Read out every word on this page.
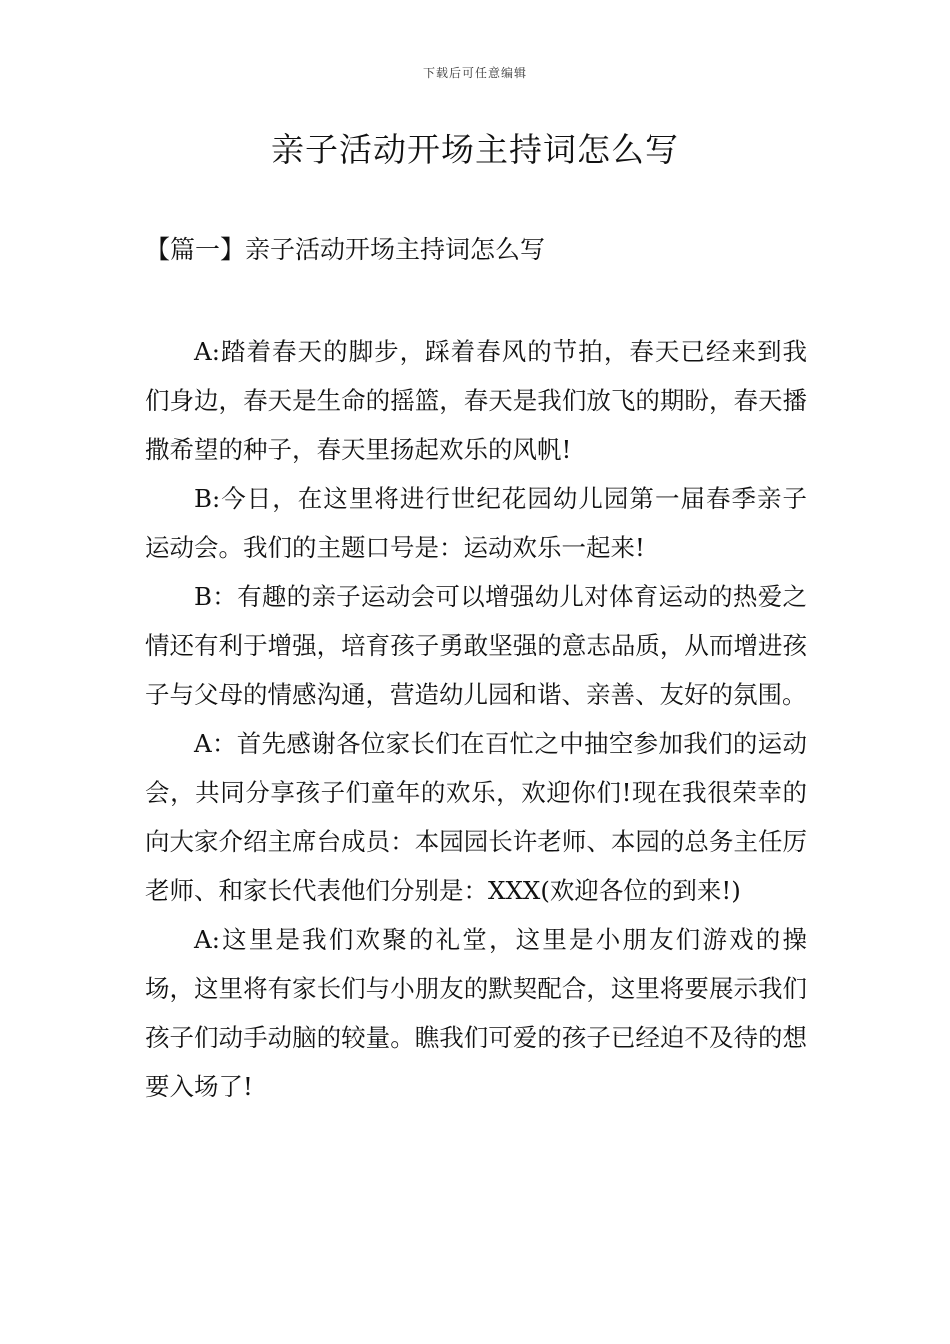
下载后可任意编辑
亲子活动开场主持词怎么写
【篇一】亲子活动开场主持词怎么写

A:踏着春天的脚步，踩着春风的节拍，春天已经来到我们身边，春天是生命的摇篮，春天是我们放飞的期盼，春天播撒希望的种子，春天里扬起欢乐的风帆!

B:今日，在这里将进行世纪花园幼儿园第一届春季亲子运动会。我们的主题口号是：运动欢乐一起来!

B：有趣的亲子运动会可以增强幼儿对体育运动的热爱之情还有利于增强，培育孩子勇敢坚强的意志品质，从而增进孩子与父母的情感沟通，营造幼儿园和谐、亲善、友好的氛围。

A：首先感谢各位家长们在百忙之中抽空参加我们的运动会，共同分享孩子们童年的欢乐，欢迎你们!现在我很荣幸的向大家介绍主席台成员：本园园长许老师、本园的总务主任厉老师、和家长代表他们分别是：XXX(欢迎各位的到来!)

A:这里是我们欢聚的礼堂，这里是小朋友们游戏的操场，这里将有家长们与小朋友的默契配合，这里将要展示我们孩子们动手动脑的较量。瞧我们可爱的孩子已经迫不及待的想要入场了!
